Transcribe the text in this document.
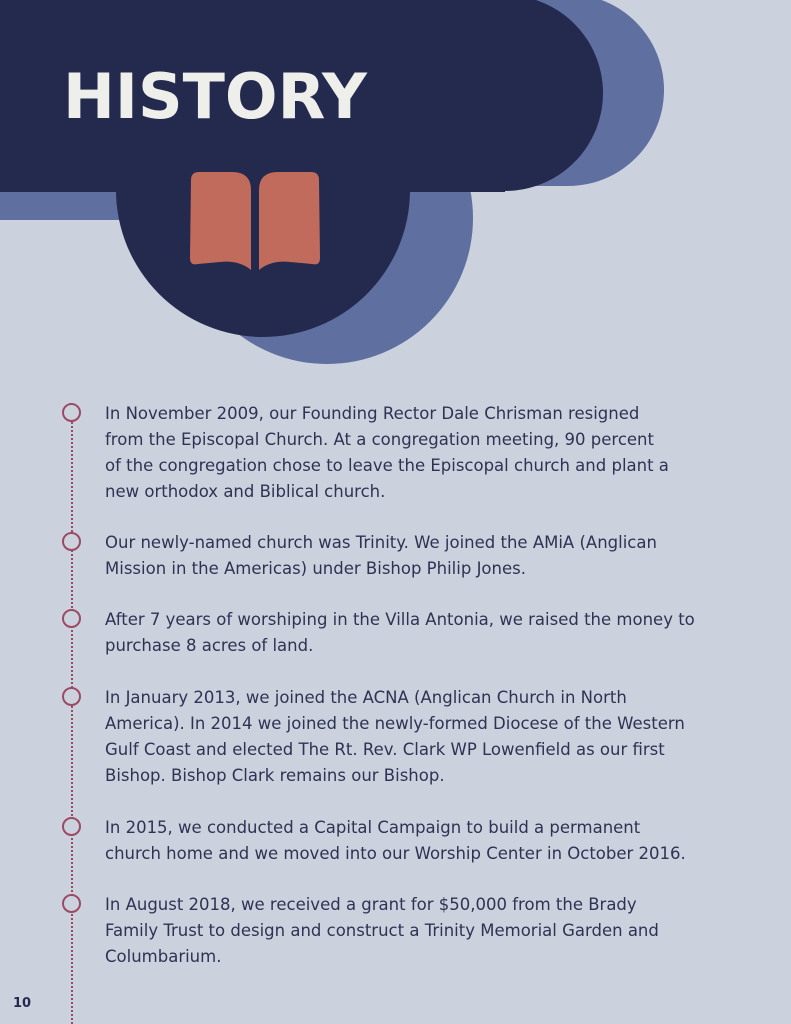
HISTORY

In November 2009, our Founding Rector Dale Chrisman resigned
from the Episcopal Church. At a congregation meeting, 90 percent
of the congregation chose to leave the Episcopal church and plant a
new orthodox and Biblical church.

Our newly-named church was Trinity. We joined the AMiA (Anglican
Mission in the Americas) under Bishop Philip Jones.

After 7 years of worshiping in the Villa Antonia, we raised the money to
purchase 8 acres of land.

In January 2013, we joined the ACNA (Anglican Church in North
America). In 2014 we joined the newly-formed Diocese of the Western
Gulf Coast and elected The Rt. Rev. Clark WP Lowenfield as our first
Bishop. Bishop Clark remains our Bishop.

In 2015, we conducted a Capital Campaign to build a permanent
church home and we moved into our Worship Center in October 2016.

In August 2018, we received a grant for $50,000 from the Brady
Family Trust to design and construct a Trinity Memorial Garden and
Columbarium.

10
